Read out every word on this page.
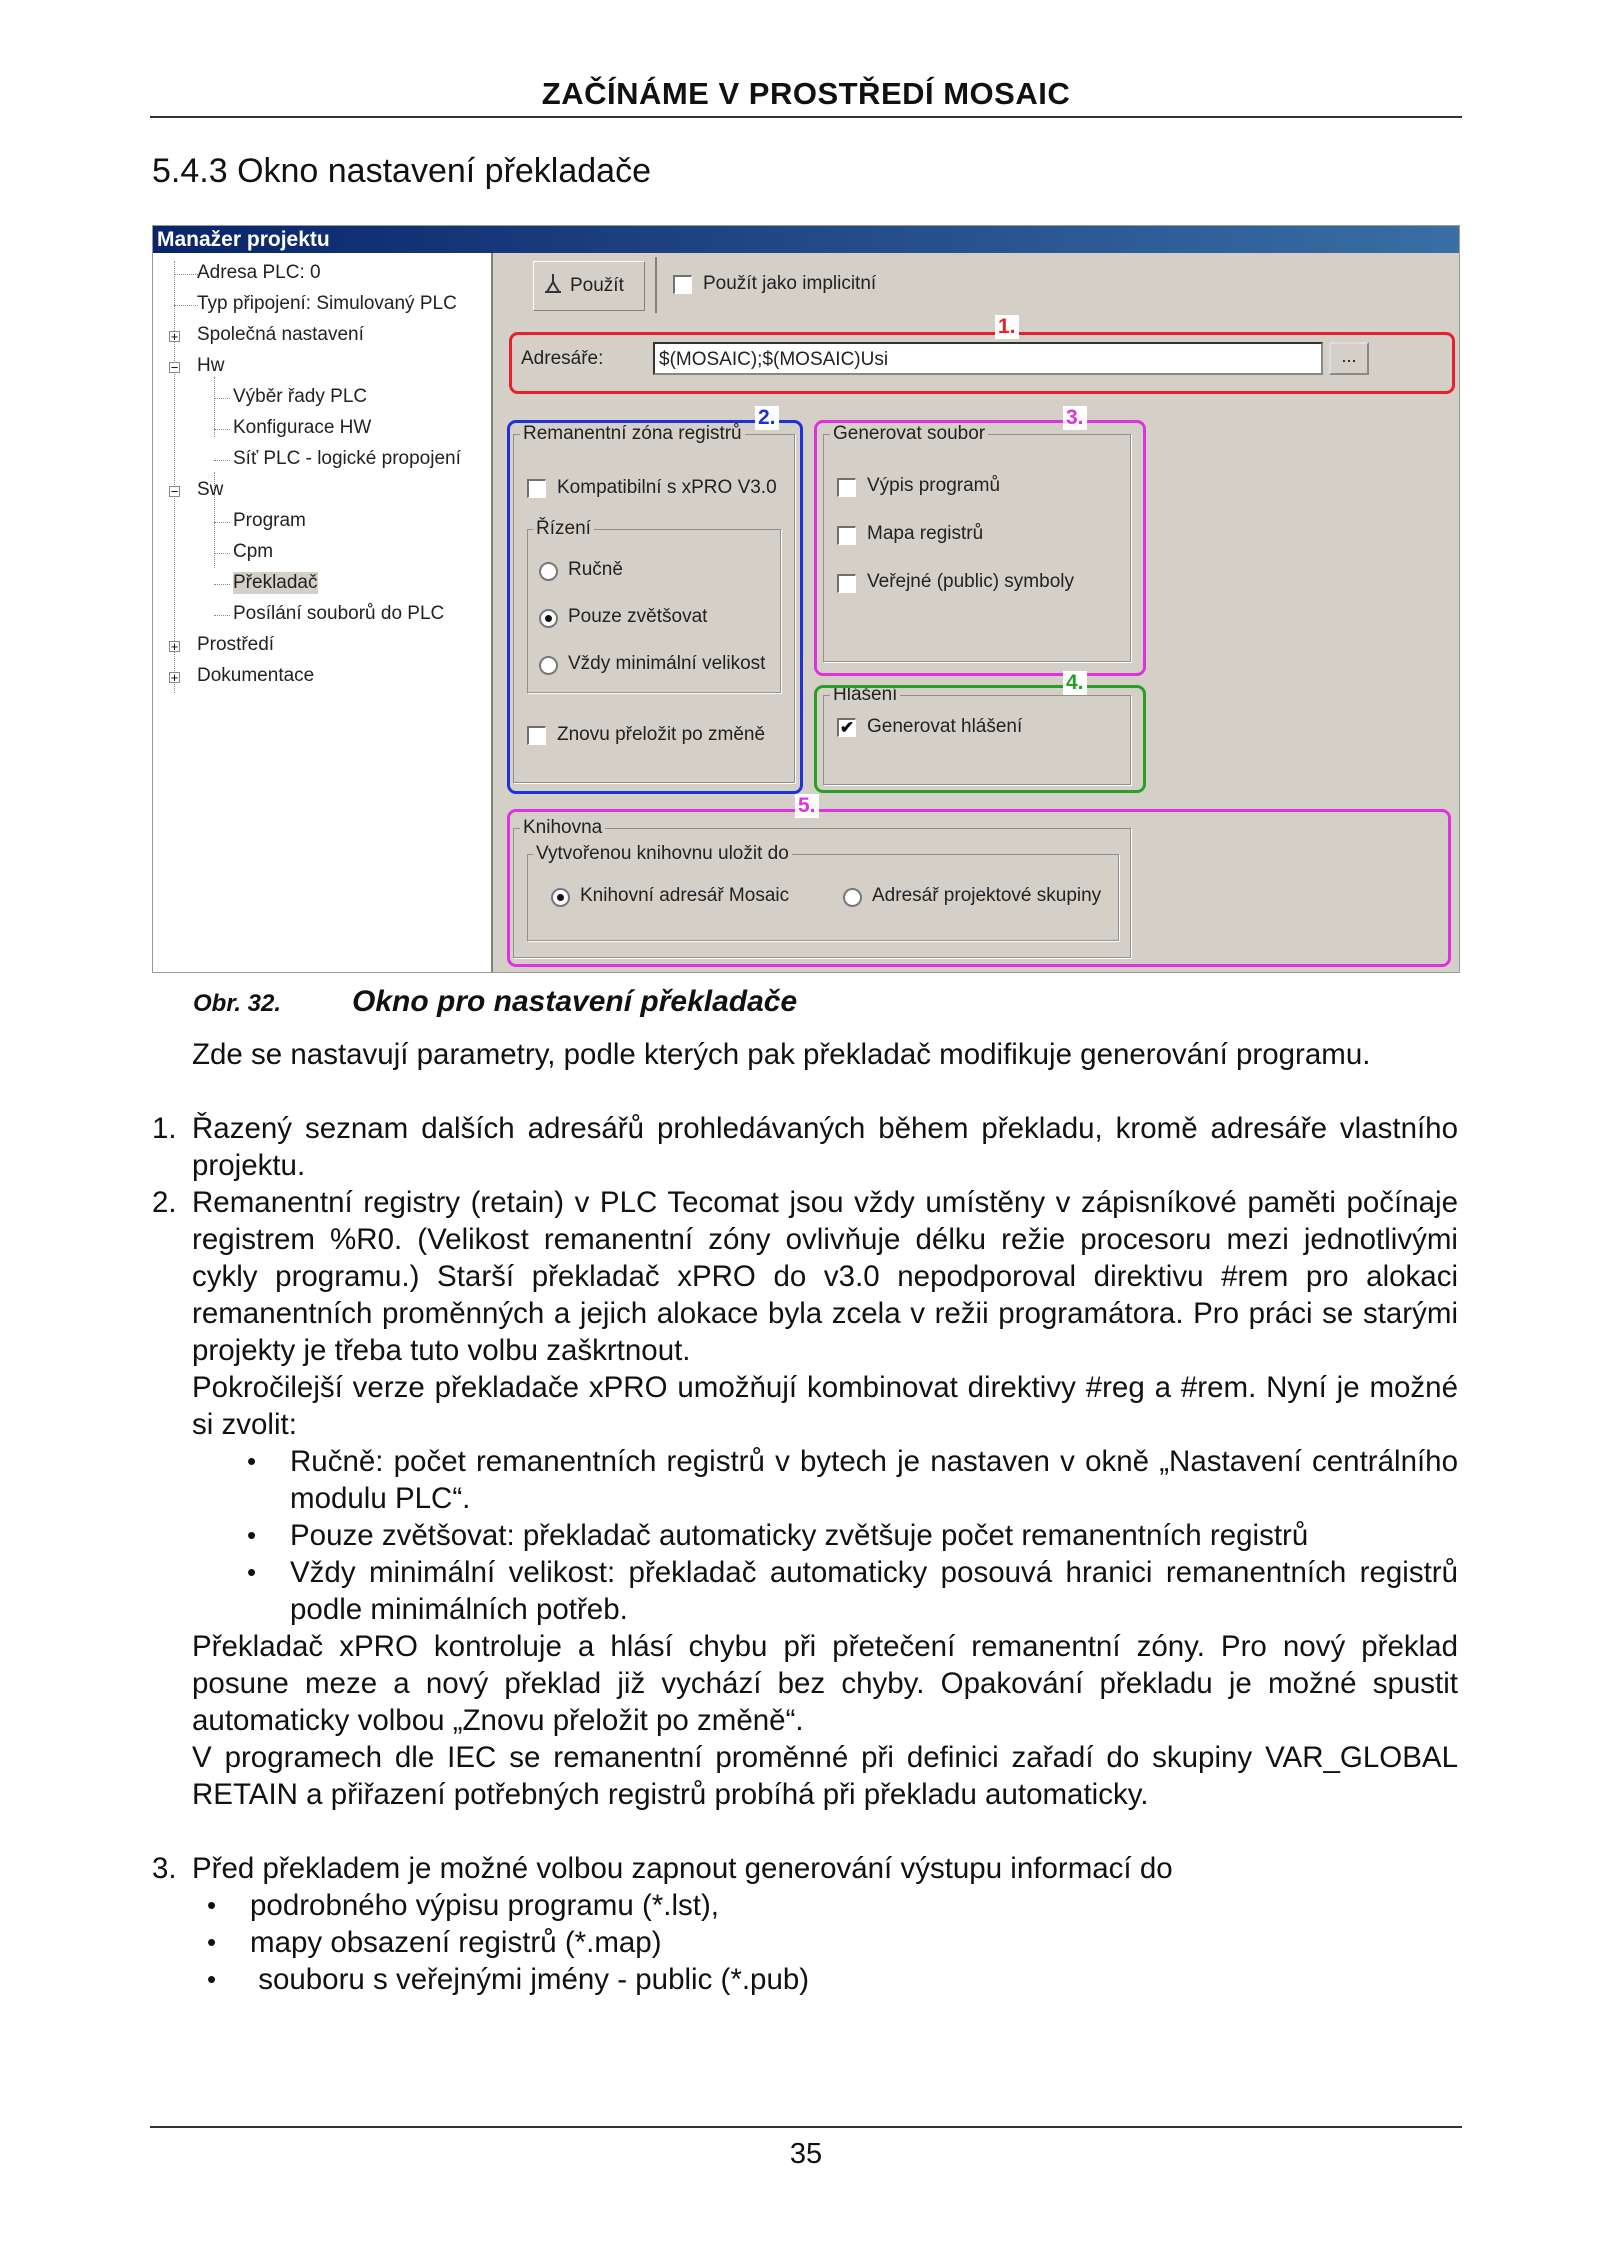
ZAČÍNÁME V PROSTŘEDÍ MOSAIC
5.4.3 Okno nastavení překladače
Manažer projektu
Adresa PLC: 0
Typ připojení: Simulovaný PLC
+ Společná nastavení
− Hw
Výběr řady PLC
Konfigurace HW
Síť PLC - logické propojení
− Sw
Program
Cpm
Překladač
Posílání souborů do PLC
+ Prostředí
+ Dokumentace
Použít	Použít jako implicitní
Adresáře:	$(MOSAIC);$(MOSAIC)Usi	...
Remanentní zóna registrů
Kompatibilní s xPRO V3.0
Řízení
Ručně
Pouze zvětšovat
Vždy minimální velikost
Znovu přeložit po změně
Generovat soubor
Výpis programů
Mapa registrů
Veřejné (public) symboly
Hlášení
✔ Generovat hlášení
Knihovna
Vytvořenou knihovnu uložit do
Knihovní adresář Mosaic	Adresář projektové skupiny
1.
2.	3.
4.
5.
Obr. 32. Okno pro nastavení překladače
Zde se nastavují parametry, podle kterých pak překladač modifikuje generování programu.
1. Řazený seznam dalších adresářů prohledávaných během překladu, kromě adresáře vlastního projektu.
2. Remanentní registry (retain) v PLC Tecomat jsou vždy umístěny v zápisníkové paměti počínaje registrem %R0. (Velikost remanentní zóny ovlivňuje délku režie procesoru mezi jednotlivými cykly programu.) Starší překladač xPRO do v3.0 nepodporoval direktivu #rem pro alokaci remanentních proměnných a jejich alokace byla zcela v režii programátora. Pro práci se starými projekty je třeba tuto volbu zaškrtnout.
Pokročilejší verze překladače xPRO umožňují kombinovat direktivy #reg a #rem. Nyní je možné si zvolit:
• Ručně: počet remanentních registrů v bytech je nastaven v okně „Nastavení centrálního modulu PLC“.
• Pouze zvětšovat: překladač automaticky zvětšuje počet remanentních registrů
• Vždy minimální velikost: překladač automaticky posouvá hranici remanentních registrů podle minimálních potřeb.
Překladač xPRO kontroluje a hlásí chybu při přetečení remanentní zóny. Pro nový překlad posune meze a nový překlad již vychází bez chyby. Opakování překladu je možné spustit automaticky volbou „Znovu přeložit po změně“.
V programech dle IEC se remanentní proměnné při definici zařadí do skupiny VAR_GLOBAL RETAIN a přiřazení potřebných registrů probíhá při překladu automaticky.
3. Před překladem je možné volbou zapnout generování výstupu informací do
• podrobného výpisu programu (*.lst),
• mapy obsazení registrů (*.map)
• souboru s veřejnými jmény - public (*.pub)
35
